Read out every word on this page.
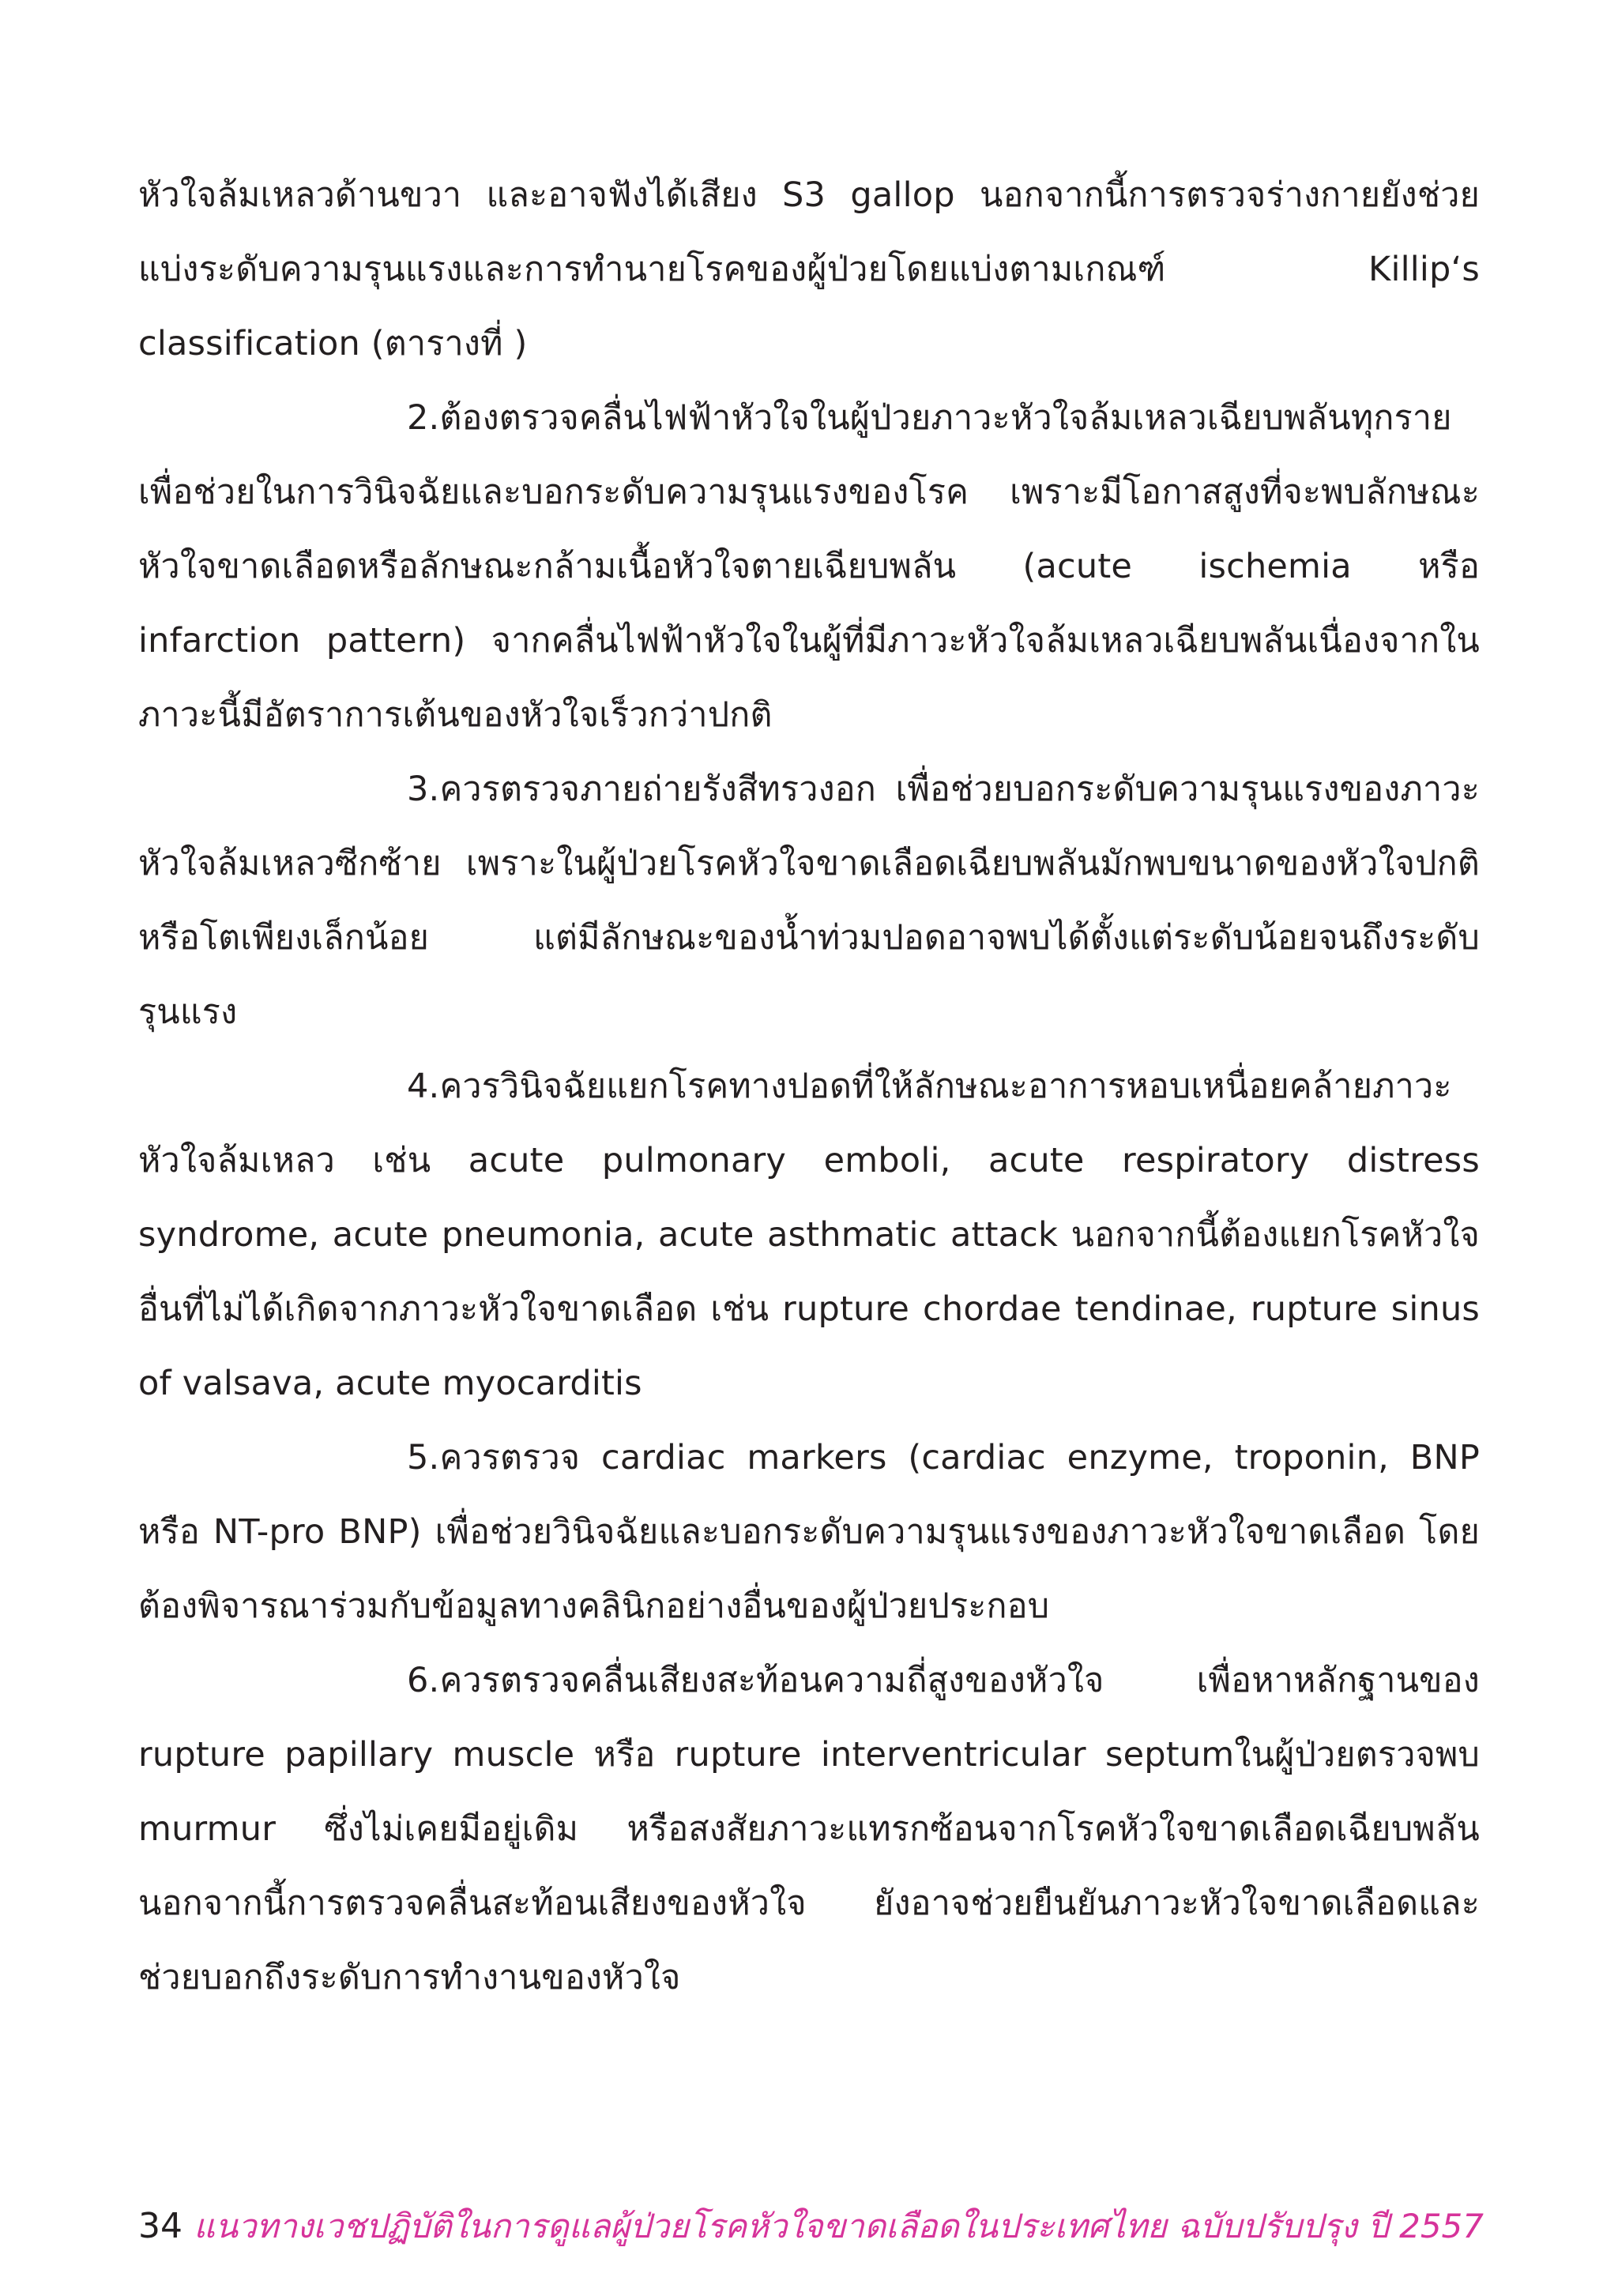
หัวใจล้มเหลวด้านขวา และอาจฟังได้เสียง S3 gallop นอกจากนี้การตรวจร่างกายยังช่วยแบ่งระดับความรุนแรงและการทำนายโรคของผู้ป่วยโดยแบ่งตามเกณฑ์ Killip‘s classification (ตารางที่ )

2.ต้องตรวจคลื่นไฟฟ้าหัวใจในผู้ป่วยภาวะหัวใจล้มเหลวเฉียบพลันทุกรายเพื่อช่วยในการวินิจฉัยและบอกระดับความรุนแรงของโรค เพราะมีโอกาสสูงที่จะพบลักษณะหัวใจขาดเลือดหรือลักษณะกล้ามเนื้อหัวใจตายเฉียบพลัน (acute ischemia หรือ infarction pattern) จากคลื่นไฟฟ้าหัวใจในผู้ที่มีภาวะหัวใจล้มเหลวเฉียบพลันเนื่องจากในภาวะนี้มีอัตราการเต้นของหัวใจเร็วกว่าปกติ

3.ควรตรวจภายถ่ายรังสีทรวงอก เพื่อช่วยบอกระดับความรุนแรงของภาวะหัวใจล้มเหลวซีกซ้าย เพราะในผู้ป่วยโรคหัวใจขาดเลือดเฉียบพลันมักพบขนาดของหัวใจปกติหรือโตเพียงเล็กน้อย แต่มีลักษณะของน้ำท่วมปอดอาจพบได้ตั้งแต่ระดับน้อยจนถึงระดับรุนแรง

4.ควรวินิจฉัยแยกโรคทางปอดที่ให้ลักษณะอาการหอบเหนื่อยคล้ายภาวะหัวใจล้มเหลว เช่น acute pulmonary emboli, acute respiratory distress syndrome, acute pneumonia, acute asthmatic attack นอกจากนี้ต้องแยกโรคหัวใจอื่นที่ไม่ได้เกิดจากภาวะหัวใจขาดเลือด เช่น rupture chordae tendinae, rupture sinus of valsava, acute myocarditis

5.ควรตรวจ cardiac markers (cardiac enzyme, troponin, BNP หรือ NT-pro BNP) เพื่อช่วยวินิจฉัยและบอกระดับความรุนแรงของภาวะหัวใจขาดเลือด โดยต้องพิจารณาร่วมกับข้อมูลทางคลินิกอย่างอื่นของผู้ป่วยประกอบ

6.ควรตรวจคลื่นเสียงสะท้อนความถี่สูงของหัวใจ เพื่อหาหลักฐานของ rupture papillary muscle หรือ rupture interventricular septumในผู้ป่วยตรวจพบ murmur ซึ่งไม่เคยมีอยู่เดิม หรือสงสัยภาวะแทรกซ้อนจากโรคหัวใจขาดเลือดเฉียบพลัน นอกจากนี้การตรวจคลื่นสะท้อนเสียงของหัวใจ ยังอาจช่วยยืนยันภาวะหัวใจขาดเลือดและช่วยบอกถึงระดับการทำงานของหัวใจ

34 แนวทางเวชปฏิบัติในการดูแลผู้ป่วยโรคหัวใจขาดเลือดในประเทศไทย ฉบับปรับปรุง ปี 2557
